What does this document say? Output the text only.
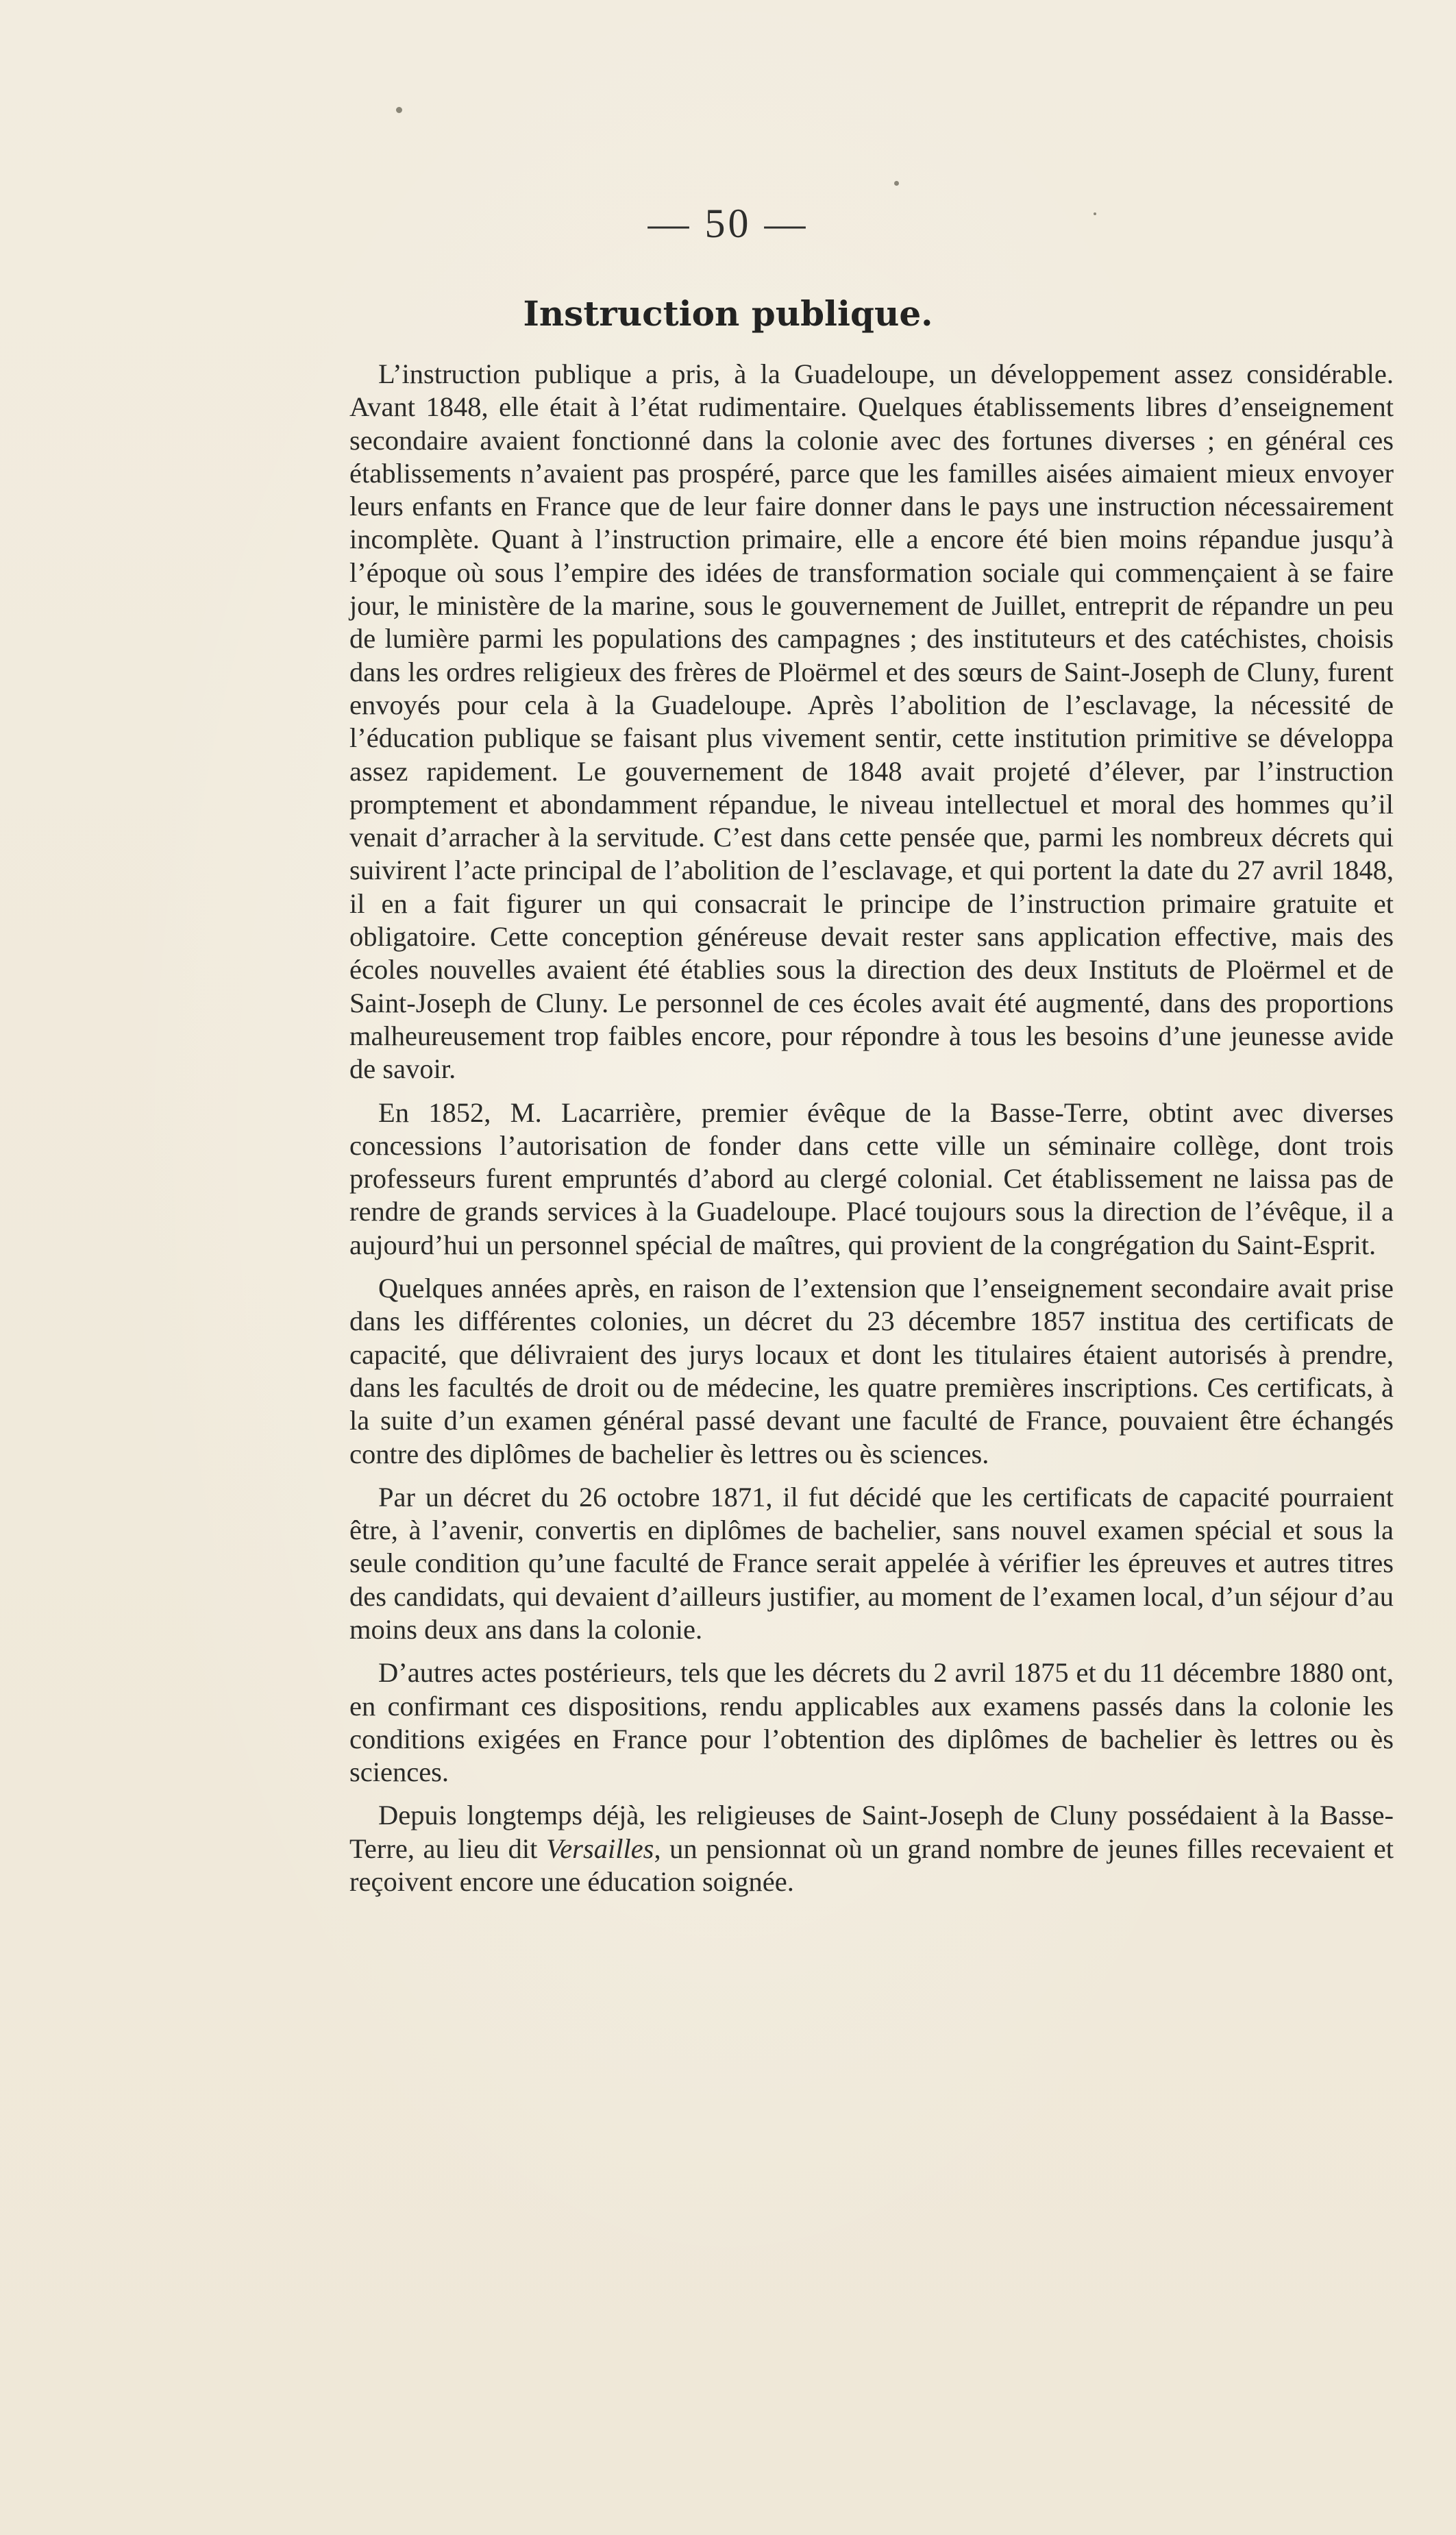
— 50 —
Instruction publique.

L’instruction publique a pris, à la Guadeloupe, un développement assez considérable. Avant 1848, elle était à l’état rudimentaire. Quelques établissements libres d’enseignement secondaire avaient fonctionné dans la colonie avec des fortunes diverses ; en général ces établissements n’avaient pas prospéré, parce que les familles aisées aimaient mieux envoyer leurs enfants en France que de leur faire donner dans le pays une instruction nécessairement incomplète. Quant à l’instruction primaire, elle a encore été bien moins répandue jusqu’à l’époque où sous l’empire des idées de transformation sociale qui commençaient à se faire jour, le ministère de la marine, sous le gouvernement de Juillet, entreprit de répandre un peu de lumière parmi les populations des campagnes ; des instituteurs et des catéchistes, choisis dans les ordres religieux des frères de Ploërmel et des sœurs de Saint-Joseph de Cluny, furent envoyés pour cela à la Guadeloupe. Après l’abolition de l’esclavage, la nécessité de l’éducation publique se faisant plus vivement sentir, cette institution primitive se développa assez rapidement. Le gouvernement de 1848 avait projeté d’élever, par l’instruction promptement et abondamment répandue, le niveau intellectuel et moral des hommes qu’il venait d’arracher à la servitude. C’est dans cette pensée que, parmi les nombreux décrets qui suivirent l’acte principal de l’abolition de l’esclavage, et qui portent la date du 27 avril 1848, il en a fait figurer un qui consacrait le principe de l’instruction primaire gratuite et obligatoire. Cette conception généreuse devait rester sans application effective, mais des écoles nouvelles avaient été établies sous la direction des deux Instituts de Ploërmel et de Saint-Joseph de Cluny. Le personnel de ces écoles avait été augmenté, dans des proportions malheureusement trop faibles encore, pour répondre à tous les besoins d’une jeunesse avide de savoir.

En 1852, M. Lacarrière, premier évêque de la Basse-Terre, obtint avec diverses concessions l’autorisation de fonder dans cette ville un séminaire collège, dont trois professeurs furent empruntés d’abord au clergé colonial. Cet établissement ne laissa pas de rendre de grands services à la Guadeloupe. Placé toujours sous la direction de l’évêque, il a aujourd’hui un personnel spécial de maîtres, qui provient de la congrégation du Saint-Esprit.

Quelques années après, en raison de l’extension que l’enseignement secondaire avait prise dans les différentes colonies, un décret du 23 décembre 1857 institua des certificats de capacité, que délivraient des jurys locaux et dont les titulaires étaient autorisés à prendre, dans les facultés de droit ou de médecine, les quatre premières inscriptions. Ces certificats, à la suite d’un examen général passé devant une faculté de France, pouvaient être échangés contre des diplômes de bachelier ès lettres ou ès sciences.

Par un décret du 26 octobre 1871, il fut décidé que les certificats de capacité pourraient être, à l’avenir, convertis en diplômes de bachelier, sans nouvel examen spécial et sous la seule condition qu’une faculté de France serait appelée à vérifier les épreuves et autres titres des candidats, qui devaient d’ailleurs justifier, au moment de l’examen local, d’un séjour d’au moins deux ans dans la colonie.

D’autres actes postérieurs, tels que les décrets du 2 avril 1875 et du 11 décembre 1880 ont, en confirmant ces dispositions, rendu applicables aux examens passés dans la colonie les conditions exigées en France pour l’obtention des diplômes de bachelier ès lettres ou ès sciences.

Depuis longtemps déjà, les religieuses de Saint-Joseph de Cluny possédaient à la Basse-Terre, au lieu dit Versailles, un pensionnat où un grand nombre de jeunes filles recevaient et reçoivent encore une éducation soignée.
